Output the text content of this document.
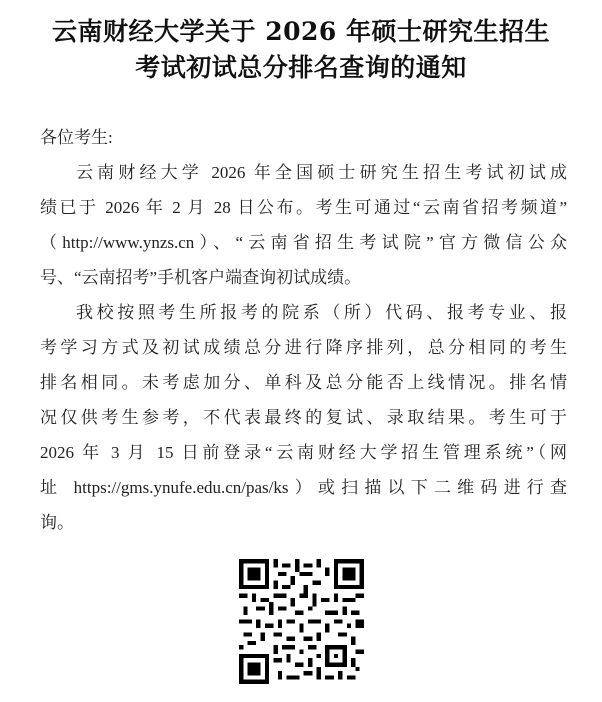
云南财经大学关于 2026 年硕士研究生招生
考试初试总分排名查询的通知
各位考生:
云南财经大学 2026 年全国硕士研究生招生考试初试成
绩已于 2026 年 2 月 28 日公布。考生可通过“云南省招考频道”
（http://www.ynzs.cn）、“云南省招生考试院”官方微信公众
号、“云南招考”手机客户端查询初试成绩。
我校按照考生所报考的院系（所）代码、报考专业、报
考学习方式及初试成绩总分进行降序排列，总分相同的考生
排名相同。未考虑加分、单科及总分能否上线情况。排名情
况仅供考生参考，不代表最终的复试、录取结果。考生可于
2026 年 3 月 15 日前登录“云南财经大学招生管理系统”（网
址 https://gms.ynufe.edu.cn/pas/ks）或扫描以下二维码进行查
询。
